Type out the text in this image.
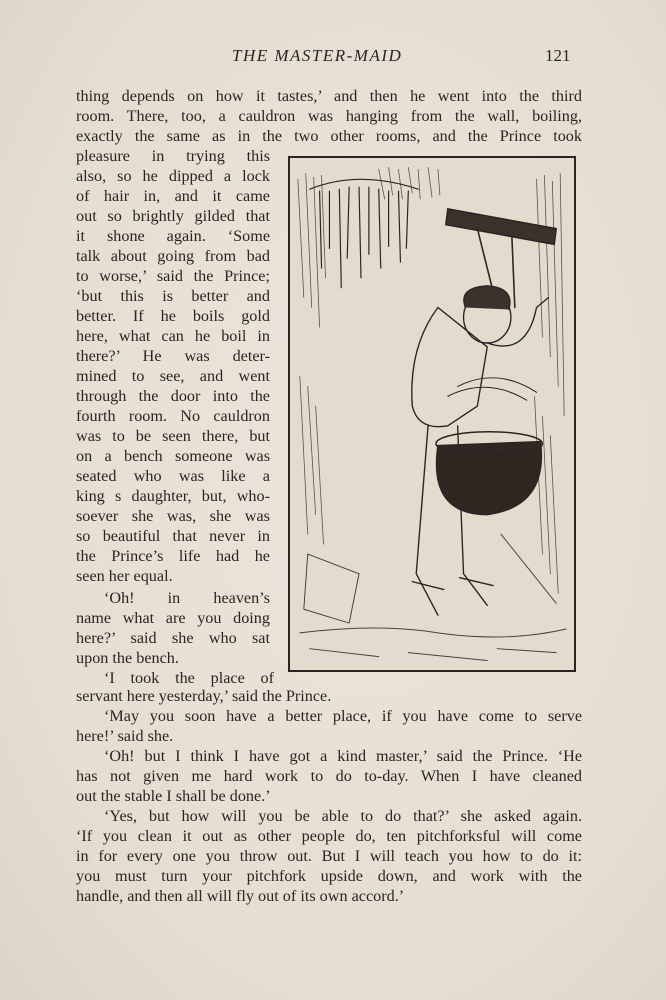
THE MASTER-MAID	121
thing depends on how it tastes,’ and then he went into the third
room. There, too, a cauldron was hanging from the wall, boiling,
exactly the same as in the two other rooms, and the Prince took
pleasure in trying this
also, so he dipped a lock
of hair in, and it came
out so brightly gilded that
it shone again. ‘Some
talk about going from bad
to worse,’ said the Prince;
‘but this is better and
better. If he boils gold
here, what can he boil in
there?’ He was deter-
mined to see, and went
through the door into the
fourth room. No cauldron
was to be seen there, but
on a bench someone was
seated who was like a
king s daughter, but, who-
soever she was, she was
so beautiful that never in
the Prince’s life had he
seen her equal.
‘Oh! in heaven’s
name what are you doing
here?’ said she who sat
upon the bench.
‘I took the place of
servant here yesterday,’ said the Prince.
‘May you soon have a better place, if you have come to serve
here!’ said she.
‘Oh! but I think I have got a kind master,’ said the Prince. ‘He
has not given me hard work to do to-day. When I have cleaned
out the stable I shall be done.’
‘Yes, but how will you be able to do that?’ she asked again.
‘If you clean it out as other people do, ten pitchforksful will come
in for every one you throw out. But I will teach you how to do it:
you must turn your pitchfork upside down, and work with the
handle, and then all will fly out of its own accord.’
